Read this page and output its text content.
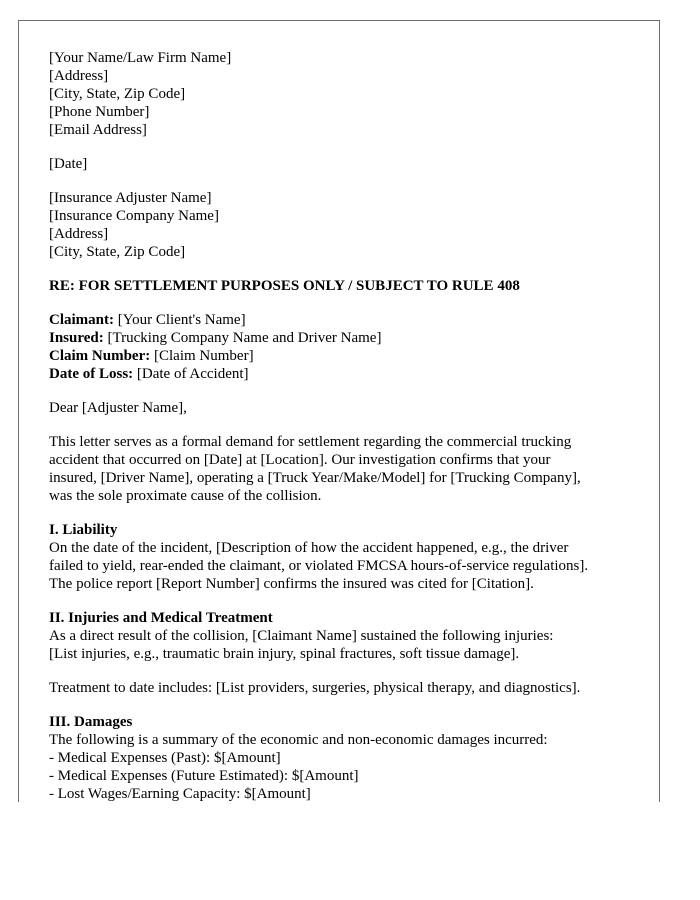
[Your Name/Law Firm Name]
[Address]
[City, State, Zip Code]
[Phone Number]
[Email Address]
[Date]
[Insurance Adjuster Name]
[Insurance Company Name]
[Address]
[City, State, Zip Code]
RE: FOR SETTLEMENT PURPOSES ONLY / SUBJECT TO RULE 408
Claimant: [Your Client's Name]
Insured: [Trucking Company Name and Driver Name]
Claim Number: [Claim Number]
Date of Loss: [Date of Accident]
Dear [Adjuster Name],
This letter serves as a formal demand for settlement regarding the commercial trucking
accident that occurred on [Date] at [Location]. Our investigation confirms that your
insured, [Driver Name], operating a [Truck Year/Make/Model] for [Trucking Company],
was the sole proximate cause of the collision.
I. Liability
On the date of the incident, [Description of how the accident happened, e.g., the driver
failed to yield, rear-ended the claimant, or violated FMCSA hours-of-service regulations].
The police report [Report Number] confirms the insured was cited for [Citation].
II. Injuries and Medical Treatment
As a direct result of the collision, [Claimant Name] sustained the following injuries:
[List injuries, e.g., traumatic brain injury, spinal fractures, soft tissue damage].
Treatment to date includes: [List providers, surgeries, physical therapy, and diagnostics].
III. Damages
The following is a summary of the economic and non-economic damages incurred:
- Medical Expenses (Past): $[Amount]
- Medical Expenses (Future Estimated): $[Amount]
- Lost Wages/Earning Capacity: $[Amount]
